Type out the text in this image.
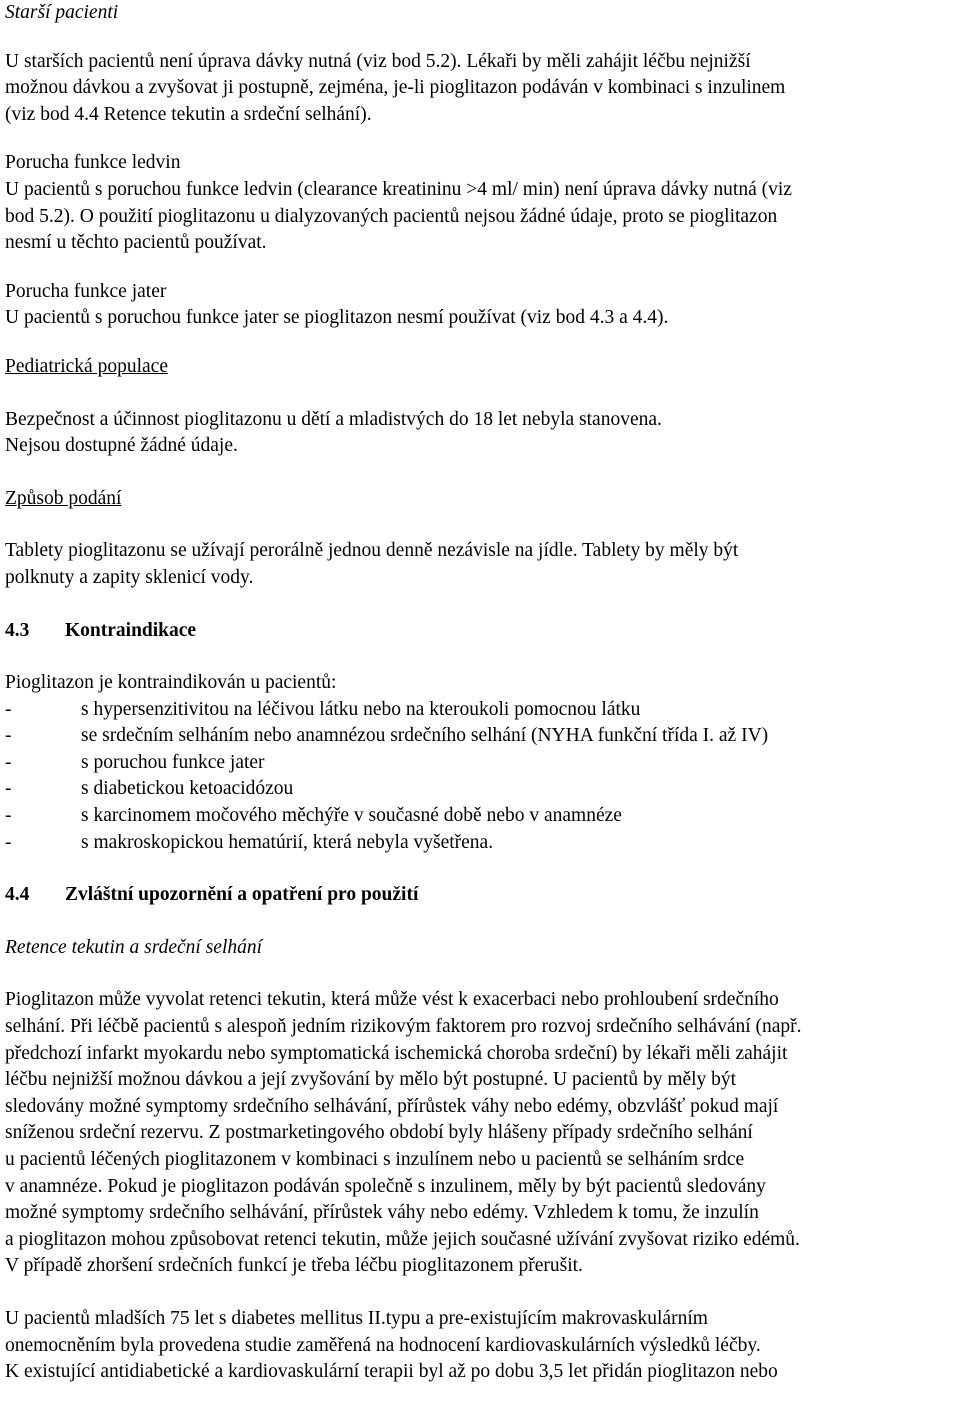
Starší pacienti
U starších pacientů není úprava dávky nutná (viz bod 5.2). Lékaři by měli zahájit léčbu nejnižší
možnou dávkou a zvyšovat ji postupně, zejména, je-li pioglitazon podáván v kombinaci s inzulinem
(viz bod 4.4 Retence tekutin a srdeční selhání).
Porucha funkce ledvin
U pacientů s poruchou funkce ledvin (clearance kreatininu >4 ml/ min) není úprava dávky nutná (viz
bod 5.2). O použití pioglitazonu u dialyzovaných pacientů nejsou žádné údaje, proto se pioglitazon
nesmí u těchto pacientů používat.
Porucha funkce jater
U pacientů s poruchou funkce jater se pioglitazon nesmí používat (viz bod 4.3 a 4.4).
Pediatrická populace
Bezpečnost a účinnost pioglitazonu u dětí a mladistvých do 18 let nebyla stanovena.
Nejsou dostupné žádné údaje.
Způsob podání
Tablety pioglitazonu se užívají perorálně jednou denně nezávisle na jídle. Tablety by měly být
polknuty a zapity sklenicí vody.
4.3 Kontraindikace
Pioglitazon je kontraindikován u pacientů:
-	s hypersenzitivitou na léčivou látku nebo na kteroukoli pomocnou látku
-	se srdečním selháním nebo anamnézou srdečního selhání (NYHA funkční třída I. až IV)
-	s poruchou funkce jater
-	s diabetickou ketoacidózou
-	s karcinomem močového měchýře v současné době nebo v anamnéze
-	s makroskopickou hematúrií, která nebyla vyšetřena.
4.4 Zvláštní upozornění a opatření pro použití
Retence tekutin a srdeční selhání
Pioglitazon může vyvolat retenci tekutin, která může vést k exacerbaci nebo prohloubení srdečního
selhání. Při léčbě pacientů s alespoň jedním rizikovým faktorem pro rozvoj srdečního selhávání (např.
předchozí infarkt myokardu nebo symptomatická ischemická choroba srdeční) by lékaři měli zahájit
léčbu nejnižší možnou dávkou a její zvyšování by mělo být postupné. U pacientů by měly být
sledovány možné symptomy srdečního selhávání, přírůstek váhy nebo edémy, obzvlášť pokud mají
sníženou srdeční rezervu. Z postmarketingového období byly hlášeny případy srdečního selhání
u pacientů léčených pioglitazonem v kombinaci s inzulínem nebo u pacientů se selháním srdce
v anamnéze. Pokud je pioglitazon podáván společně s inzulinem, měly by být pacientů sledovány
možné symptomy srdečního selhávání, přírůstek váhy nebo edémy. Vzhledem k tomu, že inzulín
a pioglitazon mohou způsobovat retenci tekutin, může jejich současné užívání zvyšovat riziko edémů.
V případě zhoršení srdečních funkcí je třeba léčbu pioglitazonem přerušit.
U pacientů mladších 75 let s diabetes mellitus II.typu a pre-existujícím makrovaskulárním
onemocněním byla provedena studie zaměřená na hodnocení kardiovaskulárních výsledků léčby.
K existující antidiabetické a kardiovaskulární terapii byl až po dobu 3,5 let přidán pioglitazon nebo
